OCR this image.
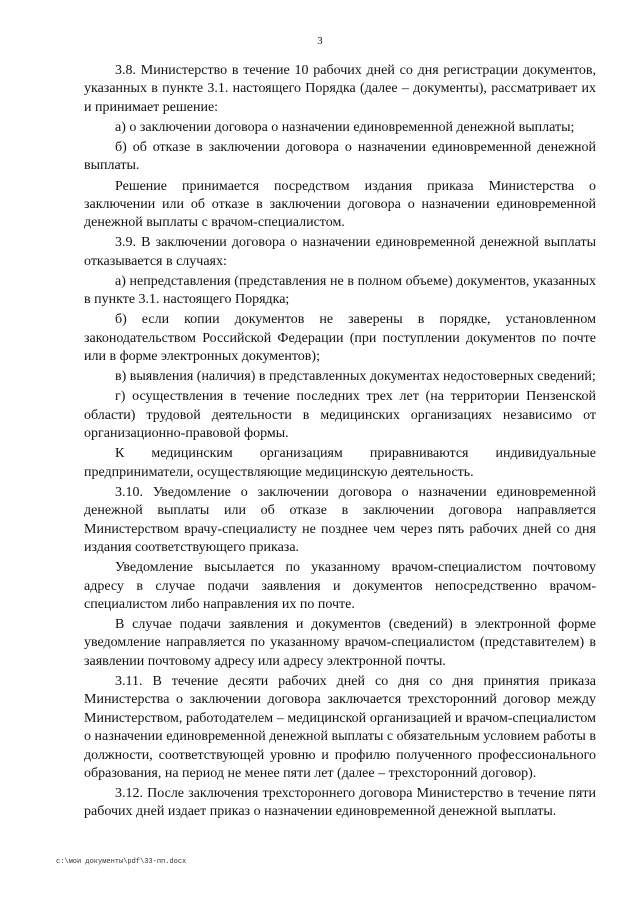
3

3.8. Министерство в течение 10 рабочих дней со дня регистрации документов, указанных в пункте 3.1. настоящего Порядка (далее – документы), рассматривает их и принимает решение:

а) о заключении договора о назначении единовременной денежной выплаты;

б) об отказе в заключении договора о назначении единовременной денежной выплаты.

Решение принимается посредством издания приказа Министерства о заключении или об отказе в заключении договора о назначении единовременной денежной выплаты с врачом-специалистом.

3.9. В заключении договора о назначении единовременной денежной выплаты отказывается в случаях:

а) непредставления (представления не в полном объеме) документов, указанных в пункте 3.1. настоящего Порядка;

б) если копии документов не заверены в порядке, установленном законодательством Российской Федерации (при поступлении документов по почте или в форме электронных документов);

в) выявления (наличия) в представленных документах недостоверных сведений;

г) осуществления в течение последних трех лет (на территории Пензенской области) трудовой деятельности в медицинских организациях независимо от организационно-правовой формы.

К медицинским организациям приравниваются индивидуальные предприниматели, осуществляющие медицинскую деятельность.

3.10. Уведомление о заключении договора о назначении единовременной денежной выплаты или об отказе в заключении договора направляется Министерством врачу-специалисту не позднее чем через пять рабочих дней со дня издания соответствующего приказа.

Уведомление высылается по указанному врачом-специалистом почтовому адресу в случае подачи заявления и документов непосредственно врачом-специалистом либо направления их по почте.

В случае подачи заявления и документов (сведений) в электронной форме уведомление направляется по указанному врачом-специалистом (представителем) в заявлении почтовому адресу или адресу электронной почты.

3.11. В течение десяти рабочих дней со дня со дня принятия приказа Министерства о заключении договора заключается трехсторонний договор между Министерством, работодателем – медицинской организацией и врачом-специалистом о назначении единовременной денежной выплаты с обязательным условием работы в должности, соответствующей уровню и профилю полученного профессионального образования, на период не менее пяти лет (далее – трехсторонний договор).

3.12. После заключения трехстороннего договора Министерство в течение пяти рабочих дней издает приказ о назначении единовременной денежной выплаты.

c:\мои документы\pdf\33-пп.docx
